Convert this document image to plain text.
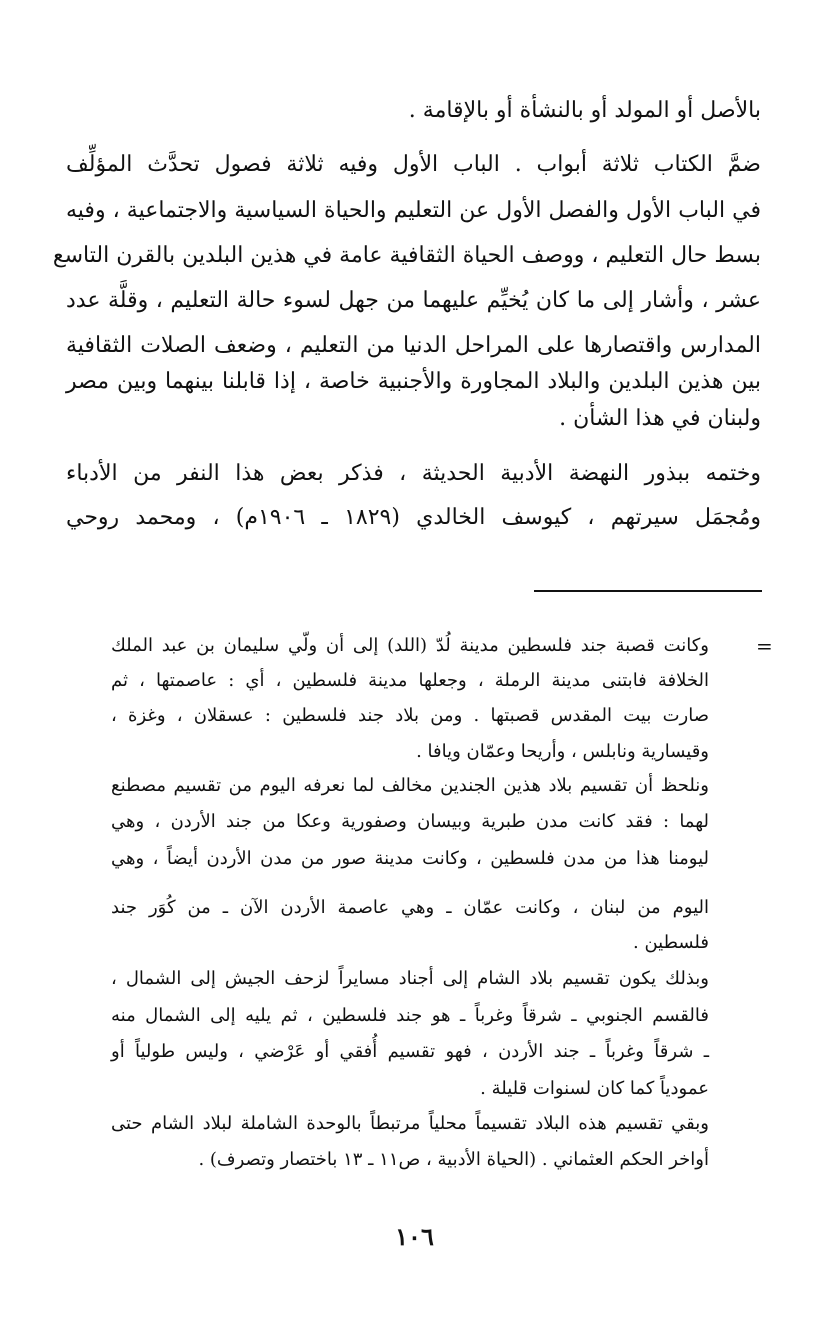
بالأصل أو المولد أو بالنشأة أو بالإقامة .
ضمَّ الكتاب ثلاثة أبواب . الباب الأول وفيه ثلاثة فصول تحدَّث المؤلِّف
في الباب الأول والفصل الأول عن التعليم والحياة السياسية والاجتماعية ، وفيه
بسط حال التعليم ، ووصف الحياة الثقافية عامة في هذين البلدين بالقرن التاسع
عشر ، وأشار إلى ما كان يُخيِّم عليهما من جهل لسوء حالة التعليم ، وقلَّة عدد
المدارس واقتصارها على المراحل الدنيا من التعليم ، وضعف الصلات الثقافية
بين هذين البلدين والبلاد المجاورة والأجنبية خاصة ، إذا قابلنا بينهما وبين مصر
ولبنان في هذا الشأن .
وختمه ببذور النهضة الأدبية الحديثة ، فذكر بعض هذا النفر من الأدباء
ومُجمَل سيرتهم ، كيوسف الخالدي (١٨٢٩ ـ ١٩٠٦م) ، ومحمد روحي
=
وكانت قصبة جند فلسطين مدينة لُدّ (اللد) إلى أن ولّي سليمان بن عبد الملك
الخلافة فابتنى مدينة الرملة ، وجعلها مدينة فلسطين ، أي : عاصمتها ، ثم
صارت بيت المقدس قصبتها . ومن بلاد جند فلسطين : عسقلان ، وغزة ،
وقيسارية ونابلس ، وأريحا وعمّان ويافا .
ونلحظ أن تقسيم بلاد هذين الجندين مخالف لما نعرفه اليوم من تقسيم مصطنع
لهما : فقد كانت مدن طبرية وبيسان وصفورية وعكا من جند الأردن ، وهي
ليومنا هذا من مدن فلسطين ، وكانت مدينة صور من مدن الأردن أيضاً ، وهي
اليوم من لبنان ، وكانت عمّان ـ وهي عاصمة الأردن الآن ـ من كُوَر جند
فلسطين .
وبذلك يكون تقسيم بلاد الشام إلى أجناد مسايراً لزحف الجيش إلى الشمال ،
فالقسم الجنوبي ـ شرقاً وغرباً ـ هو جند فلسطين ، ثم يليه إلى الشمال منه
ـ شرقاً وغرباً ـ جند الأردن ، فهو تقسيم أُفقي أو عَرْضي ، وليس طولياً أو
عمودياً كما كان لسنوات قليلة .
وبقي تقسيم هذه البلاد تقسيماً محلياً مرتبطاً بالوحدة الشاملة لبلاد الشام حتى
أواخر الحكم العثماني . (الحياة الأدبية ، ص١١ ـ ١٣ باختصار وتصرف) .
١٠٦
